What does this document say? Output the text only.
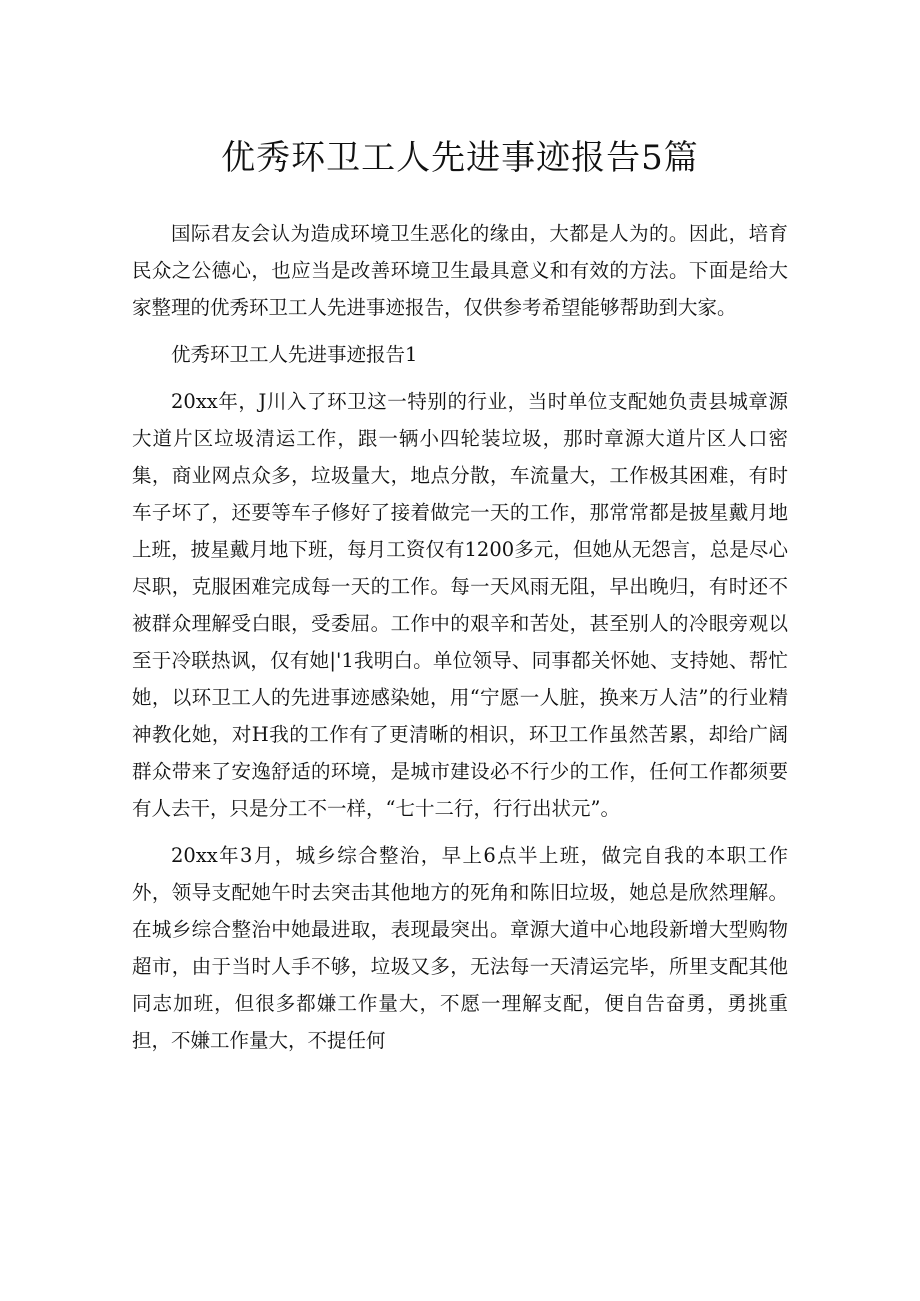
优秀环卫工人先进事迹报告5篇

国际君友会认为造成环境卫生恶化的缘由，大都是人为的。因此，培育民众之公德心，也应当是改善环境卫生最具意义和有效的方法。下面是给大家整理的优秀环卫工人先进事迹报告，仅供参考希望能够帮助到大家。

优秀环卫工人先进事迹报告1

20xx年，J川入了环卫这一特别的行业，当时单位支配她负责县城章源大道片区垃圾清运工作，跟一辆小四轮装垃圾，那时章源大道片区人口密集，商业网点众多，垃圾量大，地点分散，车流量大，工作极其困难，有时车子坏了，还要等车子修好了接着做完一天的工作，那常常都是披星戴月地上班，披星戴月地下班，每月工资仅有1200多元，但她从无怨言，总是尽心尽职，克服困难完成每一天的工作。每一天风雨无阻，早出晚归，有时还不被群众理解受白眼，受委屈。工作中的艰辛和苦处，甚至别人的冷眼旁观以至于冷联热讽，仅有她|'1我明白。单位领导、同事都关怀她、支持她、帮忙她，以环卫工人的先进事迹感染她，用“宁愿一人脏，换来万人洁”的行业精神教化她，对H我的工作有了更清晰的相识，环卫工作虽然苦累，却给广阔群众带来了安逸舒适的环境，是城市建设必不行少的工作，任何工作都须要有人去干，只是分工不一样，“七十二行，行行出状元”。

20xx年3月，城乡综合整治，早上6点半上班，做完自我的本职工作外，领导支配她午时去突击其他地方的死角和陈旧垃圾，她总是欣然理解。在城乡综合整治中她最进取，表现最突出。章源大道中心地段新增大型购物超市，由于当时人手不够，垃圾又多，无法每一天清运完毕，所里支配其他同志加班，但很多都嫌工作量大，不愿一理解支配，便自告奋勇，勇挑重担，不嫌工作量大，不提任何
